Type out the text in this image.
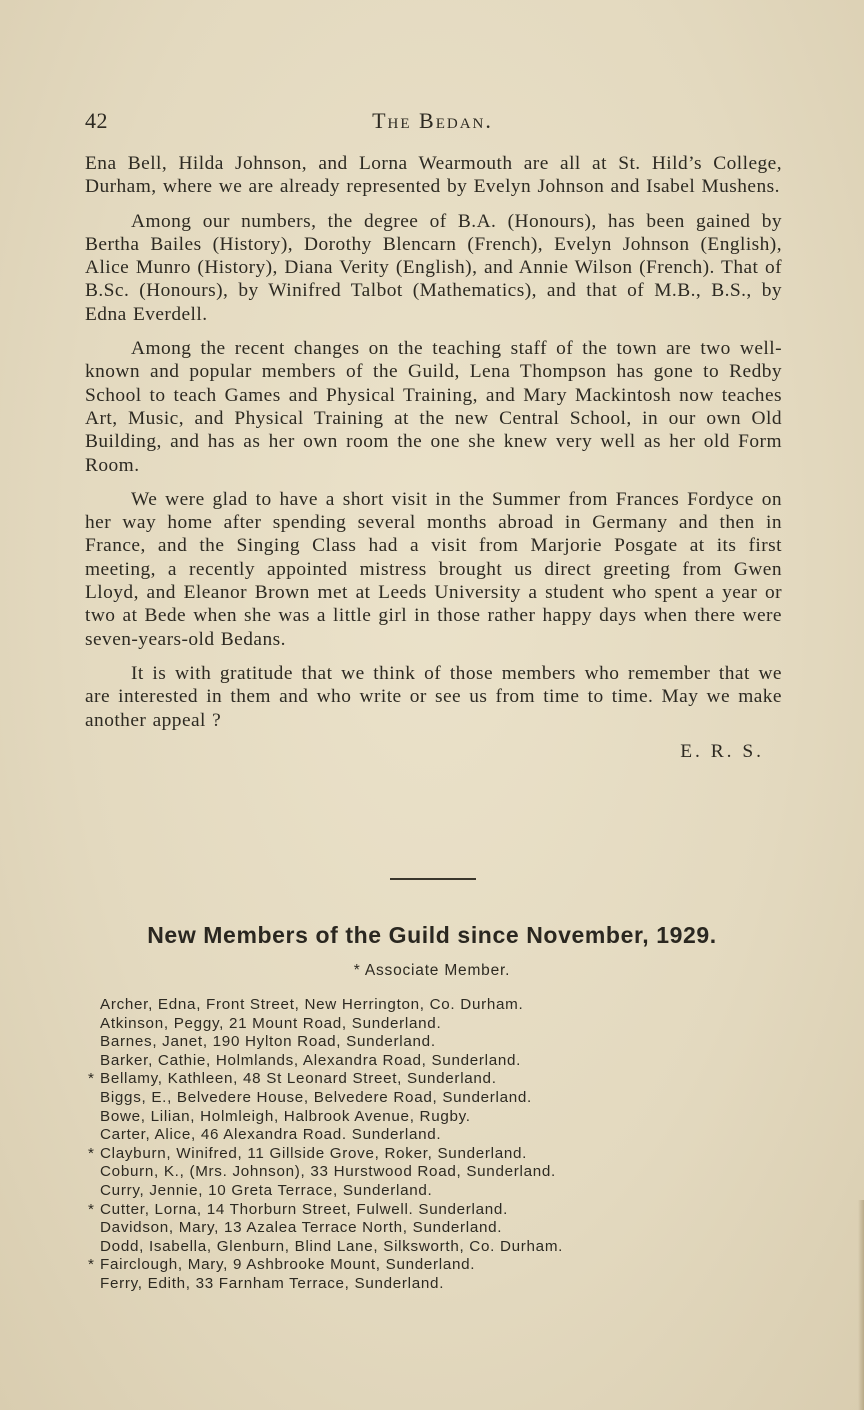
42	The Bedan.

Ena Bell, Hilda Johnson, and Lorna Wearmouth are all at St. Hild’s College, Durham, where we are already represented by Evelyn Johnson and Isabel Mushens.

Among our numbers, the degree of B.A. (Honours), has been gained by Bertha Bailes (History), Dorothy Blencarn (French), Evelyn Johnson (English), Alice Munro (History), Diana Verity (English), and Annie Wilson (French). That of B.Sc. (Honours), by Winifred Talbot (Mathematics), and that of M.B., B.S., by Edna Everdell.

Among the recent changes on the teaching staff of the town are two well-known and popular members of the Guild, Lena Thompson has gone to Redby School to teach Games and Physical Training, and Mary Mackintosh now teaches Art, Music, and Physical Training at the new Central School, in our own Old Building, and has as her own room the one she knew very well as her old Form Room.

We were glad to have a short visit in the Summer from Frances Fordyce on her way home after spending several months abroad in Germany and then in France, and the Singing Class had a visit from Marjorie Posgate at its first meeting, a recently appointed mistress brought us direct greeting from Gwen Lloyd, and Eleanor Brown met at Leeds University a student who spent a year or two at Bede when she was a little girl in those rather happy days when there were seven-years-old Bedans.

It is with gratitude that we think of those members who remember that we are interested in them and who write or see us from time to time. May we make another appeal ?

E. R. S.
New Members of the Guild since November, 1929.
* Associate Member.
Archer, Edna, Front Street, New Herrington, Co. Durham.
Atkinson, Peggy, 21 Mount Road, Sunderland.
Barnes, Janet, 190 Hylton Road, Sunderland.
Barker, Cathie, Holmlands, Alexandra Road, Sunderland.
* Bellamy, Kathleen, 48 St Leonard Street, Sunderland.
Biggs, E., Belvedere House, Belvedere Road, Sunderland.
Bowe, Lilian, Holmleigh, Halbrook Avenue, Rugby.
Carter, Alice, 46 Alexandra Road. Sunderland.
* Clayburn, Winifred, 11 Gillside Grove, Roker, Sunderland.
Coburn, K., (Mrs. Johnson), 33 Hurstwood Road, Sunderland.
Curry, Jennie, 10 Greta Terrace, Sunderland.
* Cutter, Lorna, 14 Thorburn Street, Fulwell. Sunderland.
Davidson, Mary, 13 Azalea Terrace North, Sunderland.
Dodd, Isabella, Glenburn, Blind Lane, Silksworth, Co. Durham.
* Fairclough, Mary, 9 Ashbrooke Mount, Sunderland.
Ferry, Edith, 33 Farnham Terrace, Sunderland.
